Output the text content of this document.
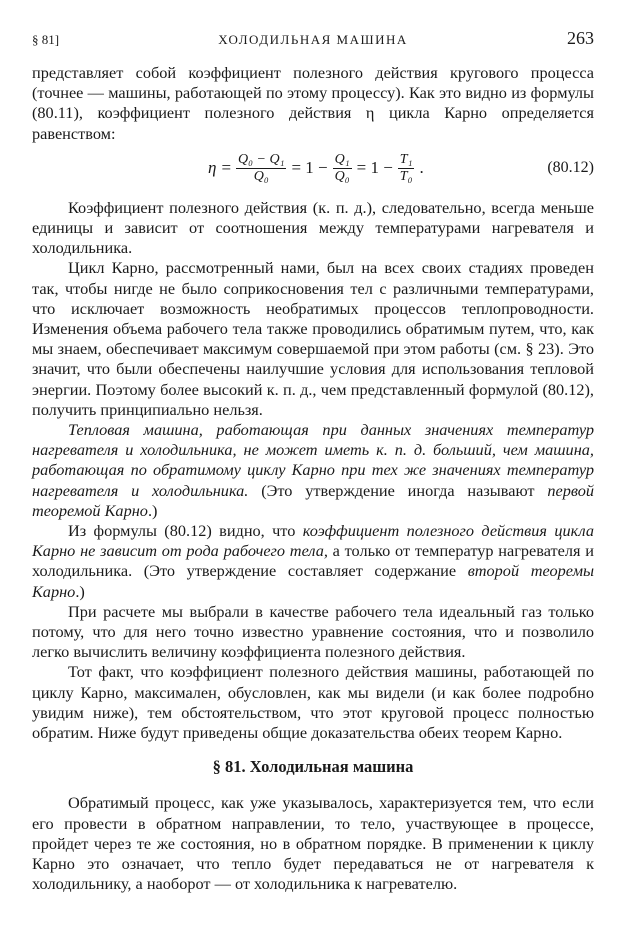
§ 81]	ХОЛОДИЛЬНАЯ МАШИНА	263

представляет собой коэффициент полезного действия кругового процесса (точнее — машины, работающей по этому процессу). Как это видно из формулы (80.11), коэффициент полезного действия η цикла Карно определяется равенством:

$\eta = \frac{\text{Q₀ − Q₁}}{\text{Q₀}} = 1 - \frac{\text{Q₁}}{\text{Q₀}} = 1 - \frac{\text{T₁}}{\text{T₀}}$ .	(80.12)

Коэффициент полезного действия (к. п. д.), следовательно, всегда меньше единицы и зависит от соотношения между температурами нагревателя и холодильника.

Цикл Карно, рассмотренный нами, был на всех своих стадиях проведен так, чтобы нигде не было соприкосновения тел с различными температурами, что исключает возможность необратимых процессов теплопроводности. Изменения объема рабочего тела также проводились обратимым путем, что, как мы знаем, обеспечивает максимум совершаемой при этом работы (см. § 23). Это значит, что были обеспечены наилучшие условия для использования тепловой энергии. Поэтому более высокий к. п. д., чем представленный формулой (80.12), получить принципиально нельзя.

Тепловая машина, работающая при данных значениях температур нагревателя и холодильника, не может иметь к. п. д. больший, чем машина, работающая по обратимому циклу Карно при тех же значениях температур нагревателя и холодильника. (Это утверждение иногда называют первой теоремой Карно.)

Из формулы (80.12) видно, что коэффициент полезного действия цикла Карно не зависит от рода рабочего тела, а только от температур нагревателя и холодильника. (Это утверждение составляет содержание второй теоремы Карно.)

При расчете мы выбрали в качестве рабочего тела идеальный газ только потому, что для него точно известно уравнение состояния, что и позволило легко вычислить величину коэффициента полезного действия.

Тот факт, что коэффициент полезного действия машины, работающей по циклу Карно, максимален, обусловлен, как мы видели (и как более подробно увидим ниже), тем обстоятельством, что этот круговой процесс полностью обратим. Ниже будут приведены общие доказательства обеих теорем Карно.

§ 81. Холодильная машина

Обратимый процесс, как уже указывалось, характеризуется тем, что если его провести в обратном направлении, то тело, участвующее в процессе, пройдет через те же состояния, но в обратном порядке. В применении к циклу Карно это означает, что тепло будет передаваться не от нагревателя к холодильнику, а наоборот — от холодильника к нагревателю.
